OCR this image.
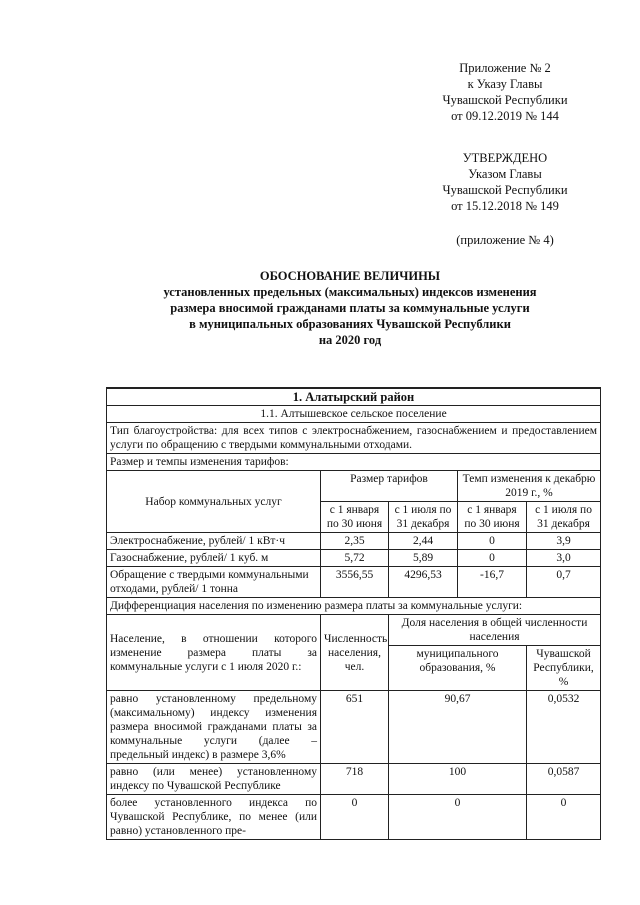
Приложение № 2
к Указу Главы
Чувашской Республики
от 09.12.2019 № 144
УТВЕРЖДЕНО
Указом Главы
Чувашской Республики
от 15.12.2018 № 149
(приложение № 4)
ОБОСНОВАНИЕ ВЕЛИЧИНЫ
установленных предельных (максимальных) индексов изменения
размера вносимой гражданами платы за коммунальные услуги
в муниципальных образованиях Чувашской Республики
на 2020 год
1. Алатырский район				
1.1. Алтышевское сельское поселение				
Тип благоустройства: для всех типов с электроснабжением, газоснабжением и предоставлением услуги по обращению с твердыми коммунальными отходами.				
Размер и темпы изменения тарифов:				
Набор коммунальных услуг	Размер тарифов		Темп изменения к декабрю 2019 г., %	
	с 1 января по 30 июня	с 1 июля по 31 декабря	с 1 января по 30 июня	с 1 июля по 31 декабря
Электроснабжение, рублей/ 1 кВт·ч	2,35	2,44	0	3,9
Газоснабжение, рублей/ 1 куб. м	5,72	5,89	0	3,0
Обращение с твердыми коммунальными отходами, рублей/ 1 тонна	3556,55	4296,53	-16,7	0,7
Дифференциация населения по изменению размера платы за коммунальные услуги:				
Население, в отношении которого изменение размера платы за коммунальные услуги с 1 июля 2020 г.:	Численность населения, чел.	Доля населения в общей численности населения		
		муниципального образования, %		Чувашской Республики, %
равно установленному предельному (максимальному) индексу изменения размера вносимой гражданами платы за коммунальные услуги (далее – предельный индекс) в размере 3,6%	651	90,67		0,0532
равно (или менее) установленному индексу по Чувашской Республике	718	100		0,0587
более установленного индекса по Чувашской Республике, по менее (или равно) установленного пре-	0	0		0
